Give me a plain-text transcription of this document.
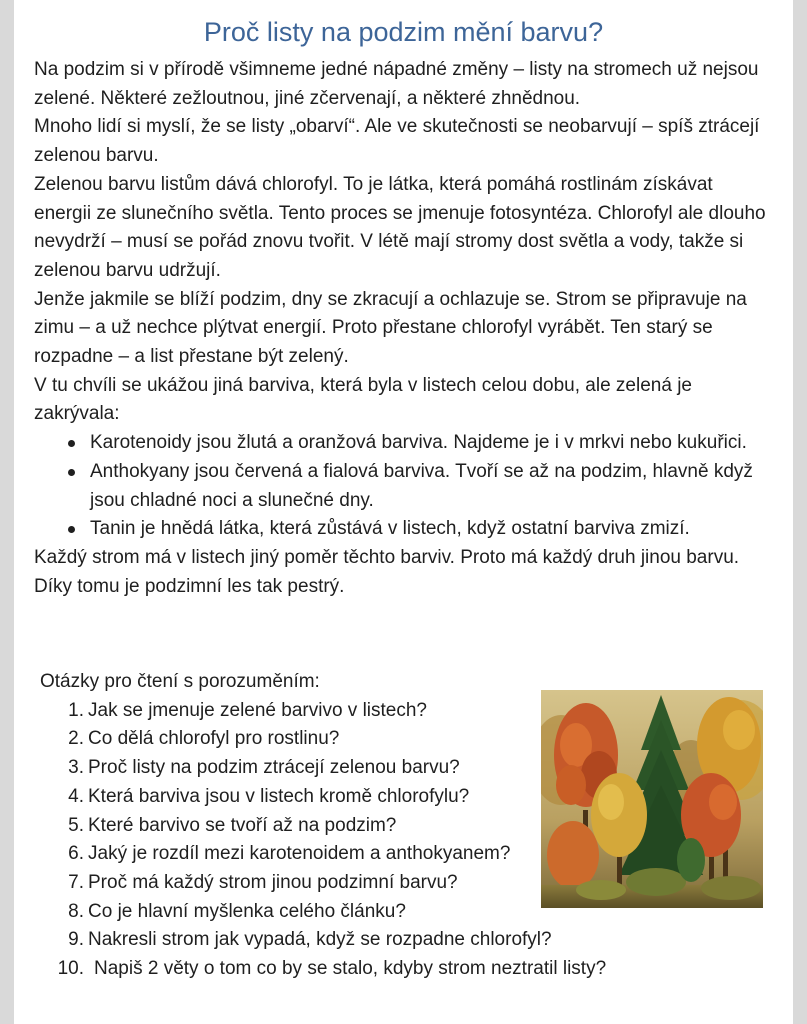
Proč listy na podzim mění barvu?

Na podzim si v přírodě všimneme jedné nápadné změny – listy na stromech už nejsou zelené. Některé zežloutnou, jiné zčervenají, a některé zhnědnou.

Mnoho lidí si myslí, že se listy „obarví“. Ale ve skutečnosti se neobarvují – spíš ztrácejí zelenou barvu.

Zelenou barvu listům dává chlorofyl. To je látka, která pomáhá rostlinám získávat energii ze slunečního světla. Tento proces se jmenuje fotosyntéza. Chlorofyl ale dlouho nevydrží – musí se pořád znovu tvořit. V létě mají stromy dost světla a vody, takže si zelenou barvu udržují.

Jenže jakmile se blíží podzim, dny se zkracují a ochlazuje se. Strom se připravuje na zimu – a už nechce plýtvat energií. Proto přestane chlorofyl vyrábět. Ten starý se rozpadne – a list přestane být zelený.

V tu chvíli se ukážou jiná barviva, která byla v listech celou dobu, ale zelená je zakrývala:

Karotenoidy jsou žlutá a oranžová barviva. Najdeme je i v mrkvi nebo kukuřici.
Anthokyany jsou červená a fialová barviva. Tvoří se až na podzim, hlavně když jsou chladné noci a slunečné dny.
Tanin je hnědá látka, která zůstává v listech, když ostatní barviva zmizí.

Každý strom má v listech jiný poměr těchto barviv. Proto má každý druh jinou barvu. Díky tomu je podzimní les tak pestrý.

Otázky pro čtení s porozuměním:

1. Jak se jmenuje zelené barvivo v listech?
2. Co dělá chlorofyl pro rostlinu?
3. Proč listy na podzim ztrácejí zelenou barvu?
4. Která barviva jsou v listech kromě chlorofylu?
5. Které barvivo se tvoří až na podzim?
6. Jaký je rozdíl mezi karotenoidem a anthokyanem?
7. Proč má každý strom jinou podzimní barvu?
8. Co je hlavní myšlenka celého článku?
9. Nakresli strom jak vypadá, když se rozpadne chlorofyl?
10. Napiš 2 věty o tom co by se stalo, kdyby strom neztratil listy?
